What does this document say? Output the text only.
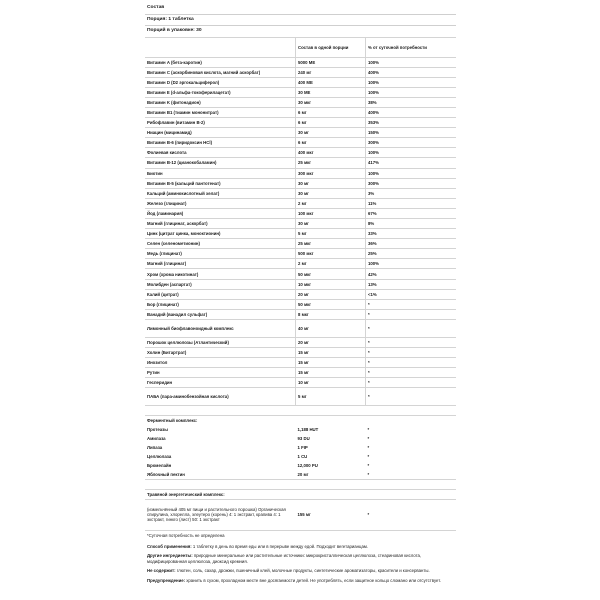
Состав
Порция: 1 таблетка
Порций в упаковке: 30
	Состав в одной порции	% от суточной потребности
Витамин A (бета-каротин)	5000 МЕ	100%
Витамин C (аскорбиновая кислота, магний аскорбат)	240 мг	400%
Витамин D (D2 эргокальциферол)	400 МЕ	100%
Витамин E (d-альфа-токоферилацетат)	30 МЕ	100%
Витамин K (фитонадион)	30 мкг	38%
Витамин B1 (тиамин мононитрат)	6 мг	400%
Рибофлавин (витамин B-2)	6 мг	353%
Ниацин (мицинамид)	30 мг	150%
Витамин B-6 (пиридоксин HCl)	6 мг	300%
Фолиевая кислота	400 мкг	100%
Витамин B-12 (цианокобаламин)	25 мкг	417%
Биотин	300 мкг	100%
Витамин B-5 (кальций пантотенат)	30 мг	300%
Кальций (аминокислотный хелат)	30 мг	3%
Железо (глицинат)	2 мг	11%
Йод (ламинария)	100 мкг	67%
Магний (глицинат, аскорбат)	30 мг	8%
Цинк (цитрат цинка, моноктионин)	5 мг	33%
Селен (селенометионин)	25 мкг	36%
Медь (глицинат)	500 мкг	25%
Магний (глицинат)	2 мг	100%
Хром (хрома никотинат)	50 мкг	42%
Молибден (аспартат)	10 мкг	13%
Калий (цитрат)	20 мг	<1%
Бор (глицинат)	50 мкг	*
Ванадий (ванадил сульфат)	8 мкг	*
Лимонный биофлавоноидный комплекс	40 мг	*
Порошок целлюлозы (Атлантический)	20 мг	*
Холин (Битартрат)	15 мг	*
Инозитол	15 мг	*
Рутин	15 мг	*
Гесперидин	10 мг	*
ПАБА (пара-аминобензойная кислота)	5 мг	*

Ферментный комплекс:		
Протеазы	1,188 HUT	*
Амилаза	93 DU	*
Липаза	1 FIP	*
Целлюлаза	1 CU	*
Бромелайн	12,000 PU	*
Яблочный пектин	20 мг	*

Травяной энергетический комплекс:		
(измельчённый 405 мг пищи и растительного порошка) Органическая спирулина, хлорелла, элеутеро (корень) 4: 1 экстракт, крапива 4: 1 экстракт, гинкго (лист) 50: 1 экстракт	155 мг	*
*Суточная потребность не определена		
Способ применения: 1 таблетку в день во время еды или в перерыве между едой. Подходит вегетарианцам.
Другие ингредиенты: природные минеральные или растительные источники: микрокристаллическая целлюлоза, стеариновая кислота, модифицированная целлюлоза, диоксид кремния.
Не содержит: глютен, соль, сахар, дрожжи, пшеничный клей, молочные продукты, синтетические ароматизаторы, красители и консерванты.
Предупреждение: хранить в сухом, прохладном месте вне досягаемости детей. Не употреблять, если защитное кольцо сломано или отсутствует.
